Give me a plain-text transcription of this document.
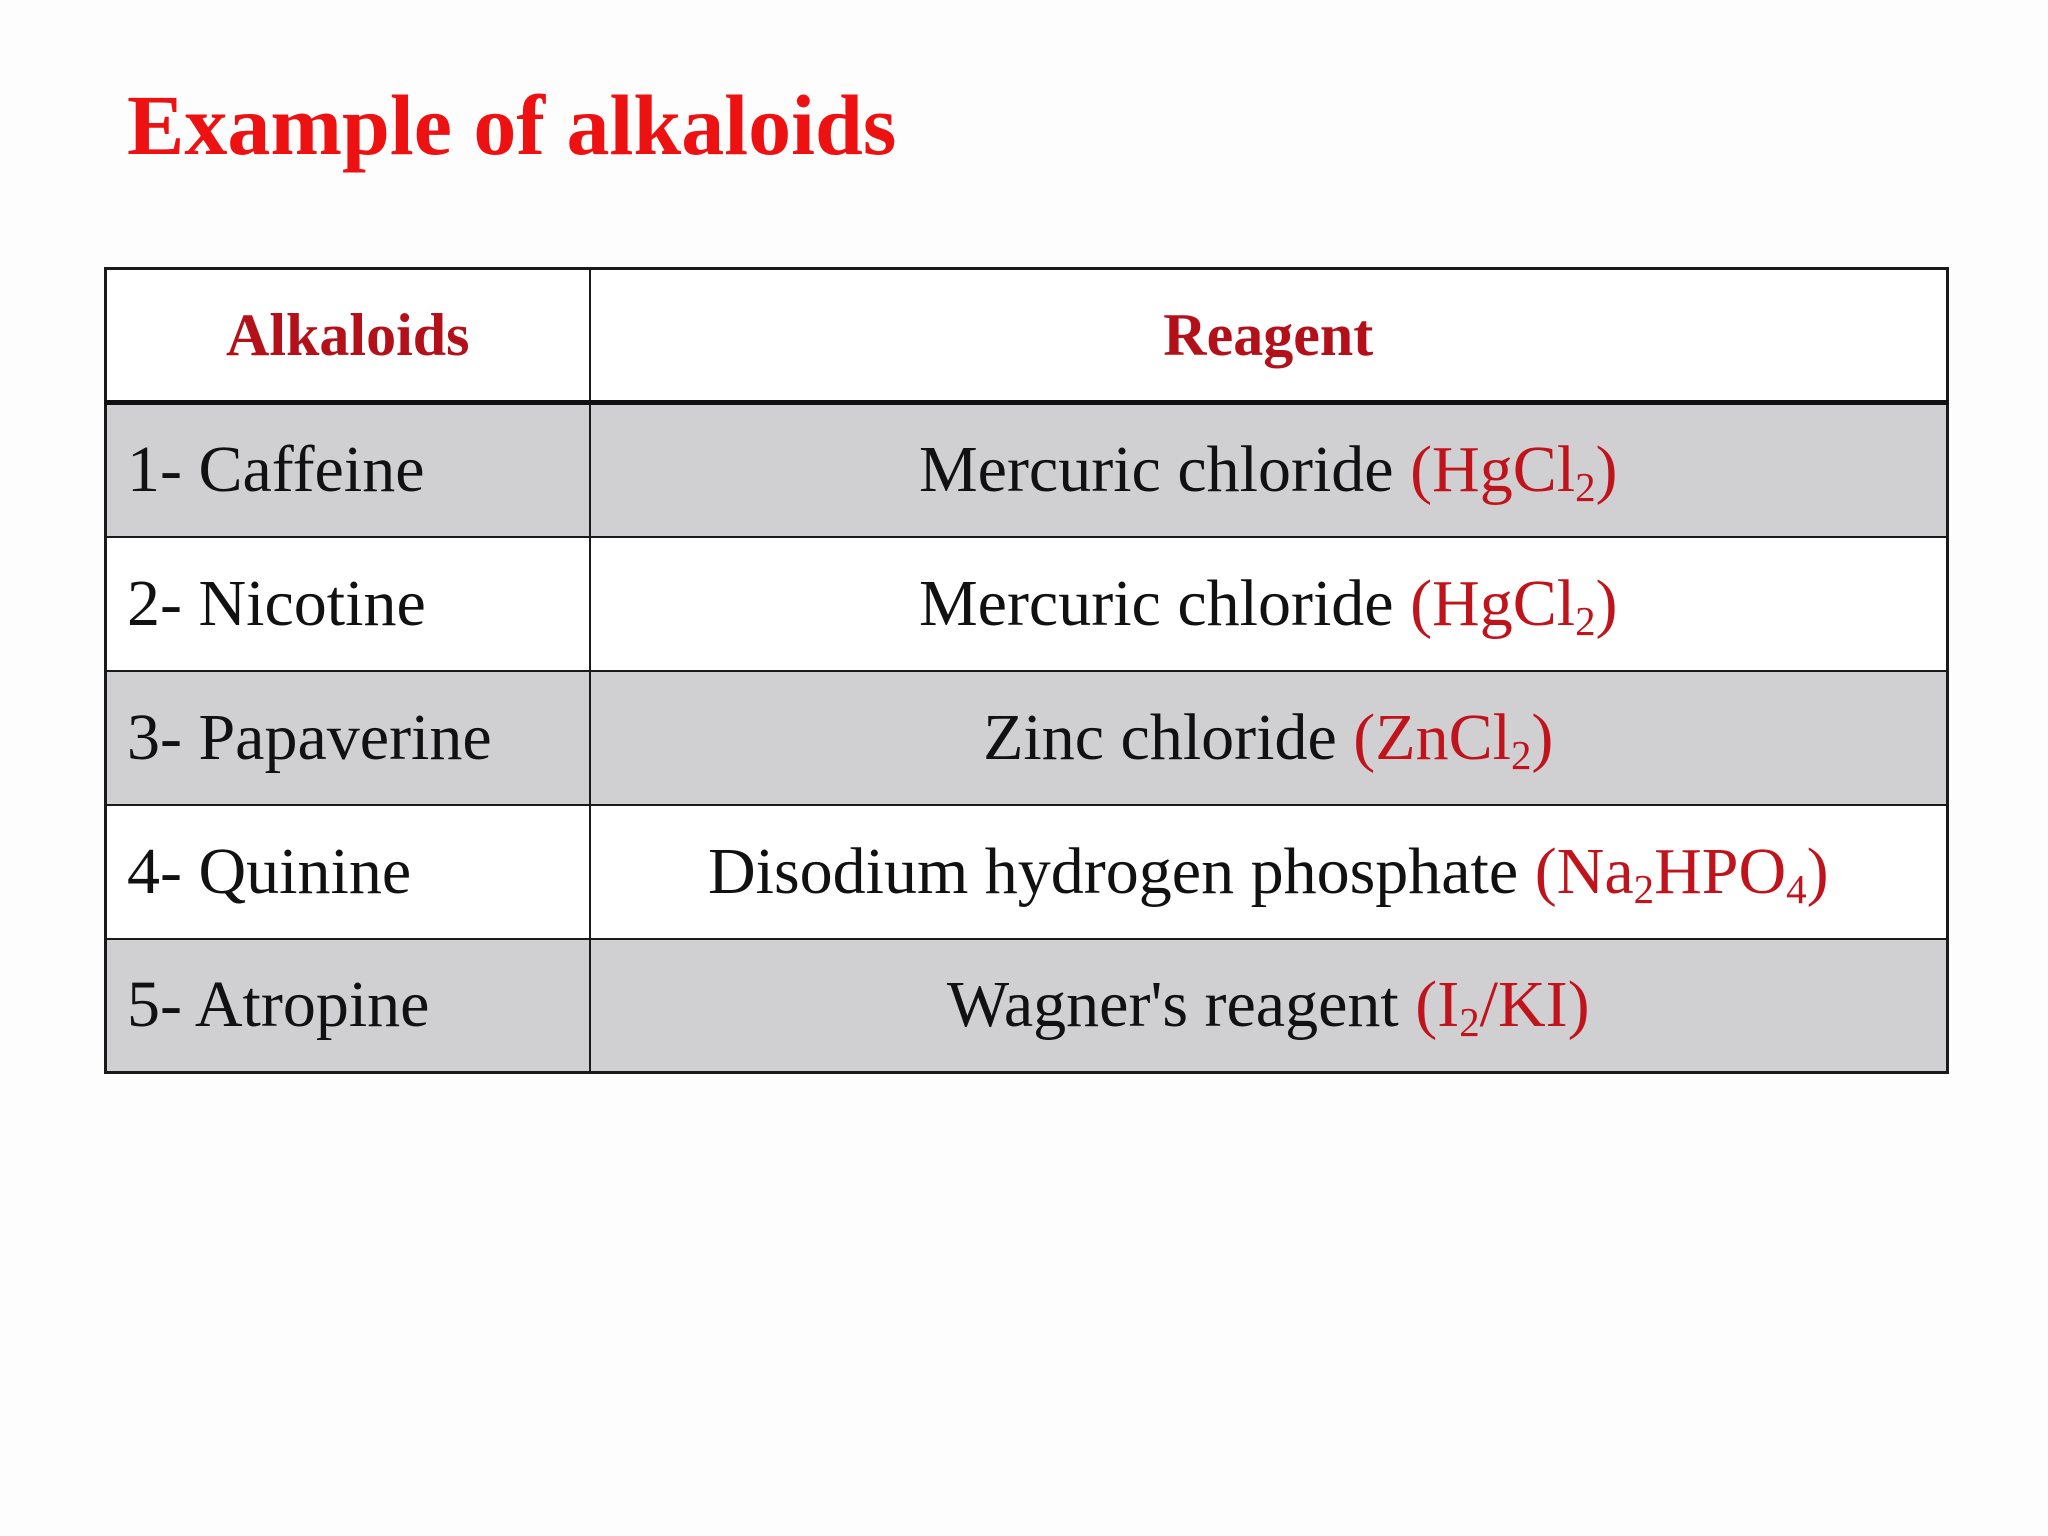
Example of alkaloids
Alkaloids	Reagent
1- Caffeine	Mercuric chloride (HgCl$_2$)
2- Nicotine	Mercuric chloride (HgCl$_2$)
3- Papaverine	Zinc chloride (ZnCl$_2$)
4- Quinine	Disodium hydrogen phosphate $(Na_2HPO_4)$
5- Atropine	Wagner's reagent $(I_2/KI)$
